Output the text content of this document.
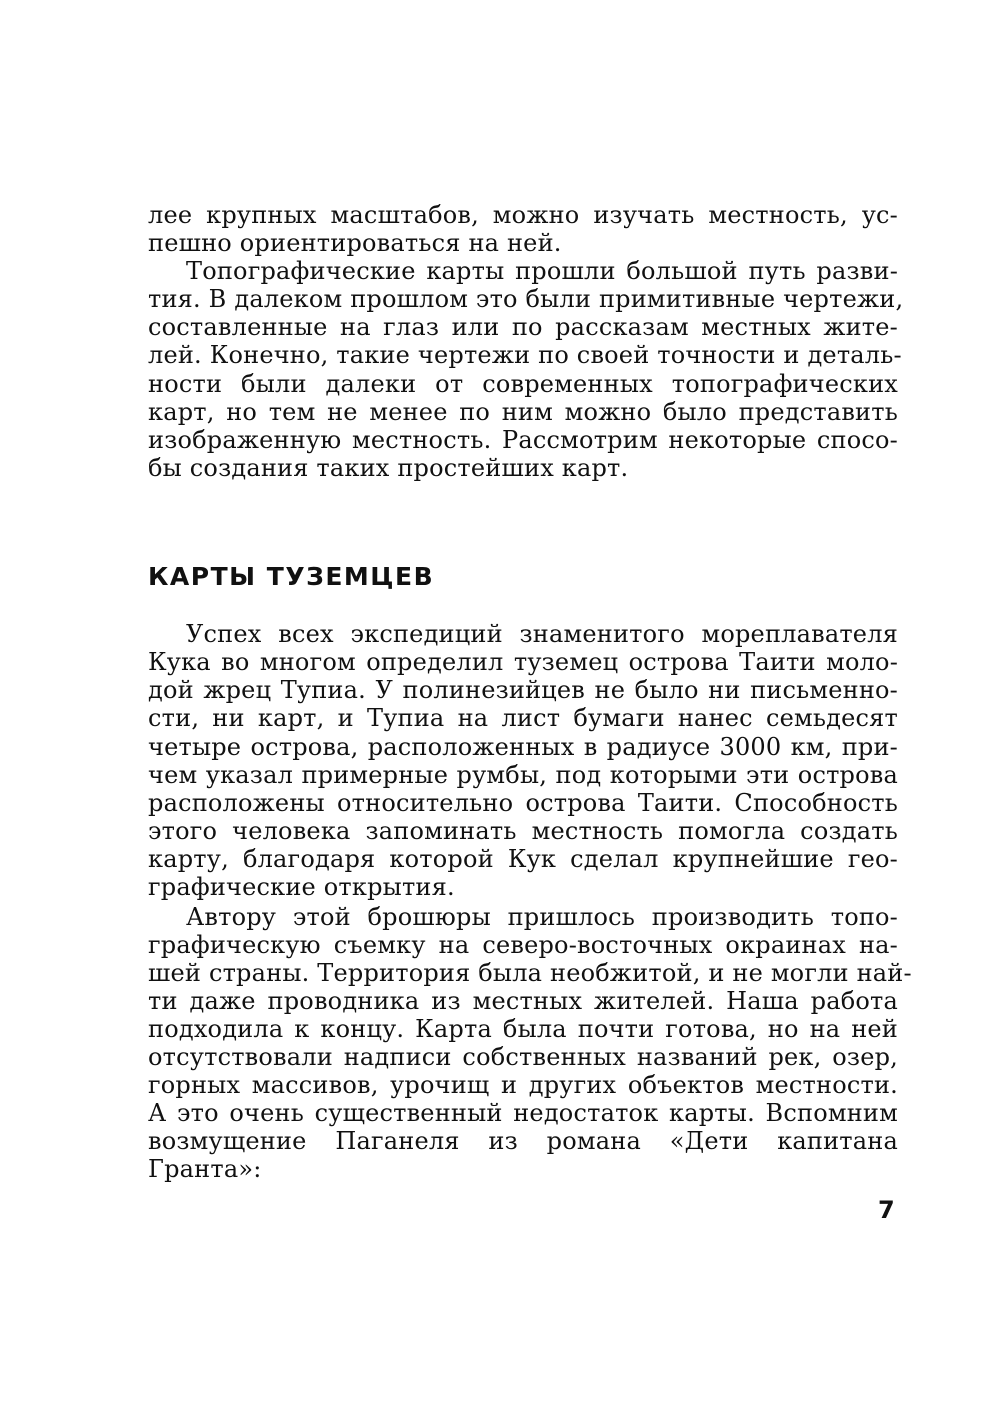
лее крупных масштабов, можно изучать местность, ус-
пешно ориентироваться на ней.
Топографические карты прошли большой путь разви-
тия. В далеком прошлом это были примитивные чертежи,
составленные на глаз или по рассказам местных жите-
лей. Конечно, такие чертежи по своей точности и деталь-
ности были далеки от современных топографических
карт, но тем не менее по ним можно было представить
изображенную местность. Рассмотрим некоторые спосо-
бы создания таких простейших карт.
КАРТЫ ТУЗЕМЦЕВ
Успех всех экспедиций знаменитого мореплавателя
Кука во многом определил туземец острова Таити моло-
дой жрец Тупиа. У полинезийцев не было ни письменно-
сти, ни карт, и Тупиа на лист бумаги нанес семьдесят
четыре острова, расположенных в радиусе 3000 км, при-
чем указал примерные румбы, под которыми эти острова
расположены относительно острова Таити. Способность
этого человека запоминать местность помогла создать
карту, благодаря которой Кук сделал крупнейшие гео-
графические открытия.
Автору этой брошюры пришлось производить топо-
графическую съемку на северо-восточных окраинах на-
шей страны. Территория была необжитой, и не могли най-
ти даже проводника из местных жителей. Наша работа
подходила к концу. Карта была почти готова, но на ней
отсутствовали надписи собственных названий рек, озер,
горных массивов, урочищ и других объектов местности.
А это очень существенный недостаток карты. Вспомним
возмущение Паганеля из романа «Дети капитана
Гранта»:
7
